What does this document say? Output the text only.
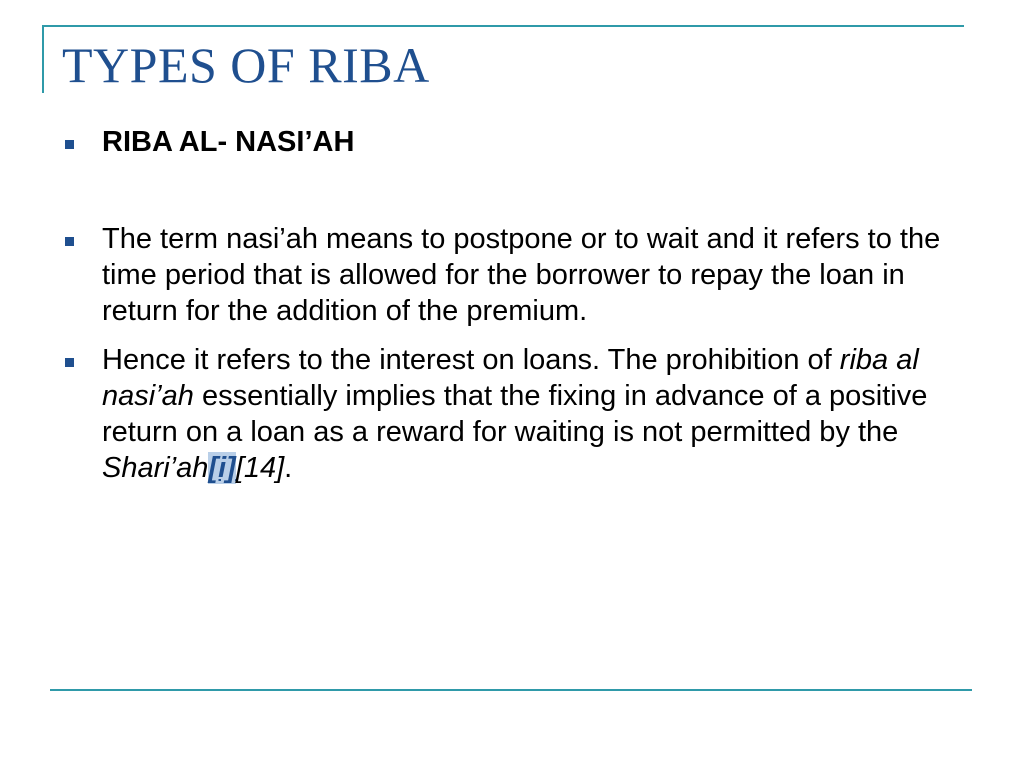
TYPES OF RIBA
RIBA AL- NASI’AH
The term nasi’ah means to postpone or to wait and it refers to the time period that is allowed for the borrower to repay the loan in return for the addition of the premium.
Hence it refers to the interest on loans. The prohibition of riba al nasi’ah essentially implies that the fixing in advance of a positive return on a loan as a reward for waiting is not permitted by the Shari’ah[i][14].
